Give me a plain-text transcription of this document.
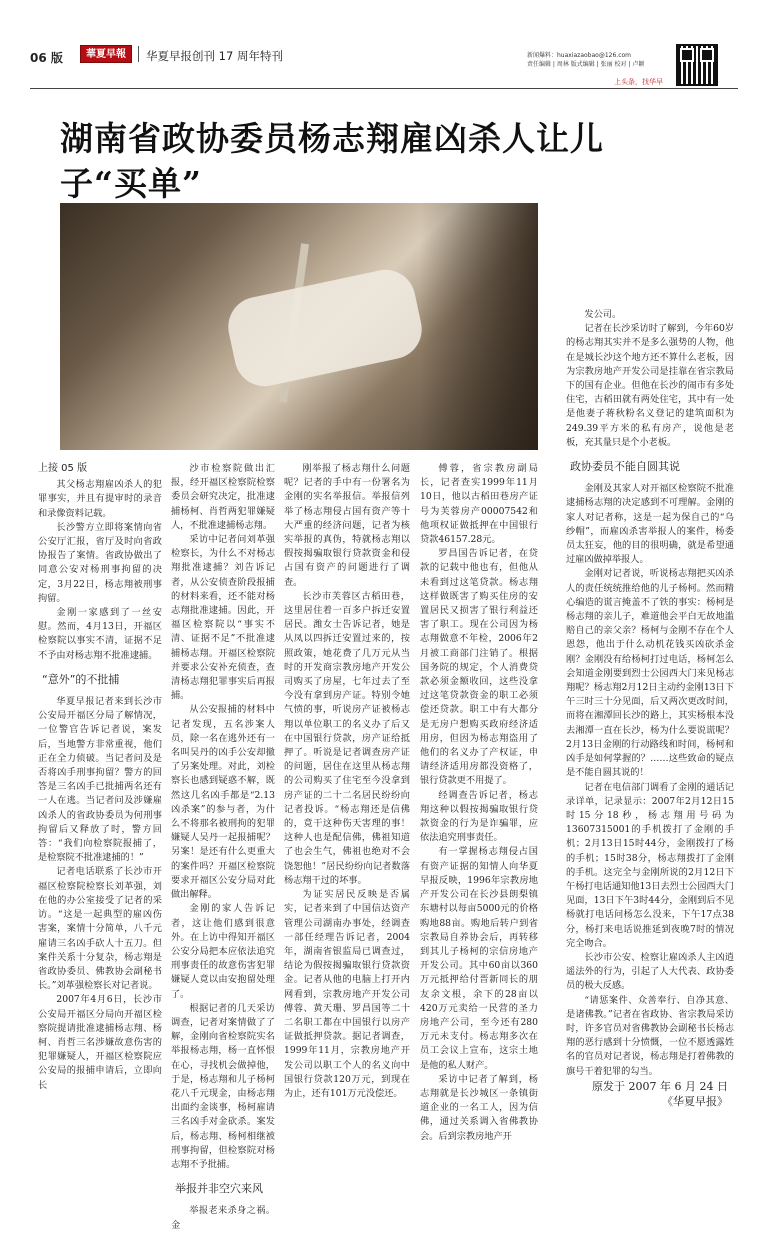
06 版	華夏早報	华夏早报创刊 17 周年特刊	新闻爆料：huaxiazaobao@126.com
责任编辑 | 周林 版式编辑 | 张丽 校对 | 卢颖
上头条，找华早
湖南省政协委员杨志翔雇凶杀人让儿子“买单”
上接 05 版

其父杨志翔雇凶杀人的犯罪事实，并且有提审时的录音和录像资料记载。

长沙警方立即将案情向省公安厅汇报，省厅及时向省政协报告了案情。省政协做出了同意公安对杨刑事拘留的决定，3月22日，杨志翔被刑事拘留。

金刚一家感到了一丝安慰。然而，4月13日，开福区检察院以事实不清，证据不足不予由对杨志翔不批准逮捕。

“意外”的不批捕

华夏早报记者来到长沙市公安局开福区分局了解情况，一位警官告诉记者说，案发后，当地警方非常重视，他们正在全力侦破。当记者问及是否将凶手刑事拘留？警方的回答是三名凶手已批捕两名还有一人在逃。当记者问及涉嫌雇凶杀人的省政协委员为何刑事拘留后又释放了时，警方回答：“我们向检察院报捕了，是检察院不批准逮捕的！”

记者电话联系了长沙市开福区检察院检察长刘革强，刘在他的办公室接受了记者的采访。“这是一起典型的雇凶伤害案，案情十分简单，八千元雇请三名凶手砍人十五刀。但案件关系十分复杂，杨志翔是省政协委员、佛教协会副秘书长。”刘革强检察长对记者说。

2007年4月6日，长沙市公安局开福区分局向开福区检察院提请批准逮捕杨志翔、杨柯、肖哲三名涉嫌故意伤害的犯罪嫌疑人，开福区检察院应公安局的报捕申请后，立即向长

沙市检察院做出汇报，经开福区检察院检察委员会研究决定，批准逮捕杨柯、肖哲两犯罪嫌疑人，不批准逮捕杨志翔。

采访中记者问刘革强检察长，为什么不对杨志翔批准逮捕？刘告诉记者，从公安侦查阶段报捕的材料来看，还不能对杨志翔批准逮捕。因此，开福区检察院以“事实不清、证据不足”不批准逮捕杨志翔。开福区检察院并要求公安补充侦查，查清杨志翔犯罪事实后再报捕。

从公安报捕的材料中记者发现，五名涉案人员，除一名在逃外还有一名叫吴丹的凶手公安却撤了另案处理。对此，刘检察长也感到疑惑不解，既然这几名凶手都是“2.13凶杀案”的参与者，为什么不将那名被刑拘的犯罪嫌疑人吴丹一起报捕呢？另案！是还有什么更重大的案件吗？开福区检察院要求开福区公安分局对此做出解释。

金刚的家人告诉记者，这让他们感到很意外。在上访中得知开福区公安分局把本应依法追究刑事责任的故意伤害犯罪嫌疑人竟以由安抱留处理了。

根据记者的几天采访调查，记者对案情做了了解，金刚向省检察院实名举报杨志翔，杨一直怀恨在心，寻找机会做掉他，于是，杨志翔和儿子杨柯花八千元现金，由杨志翔出面约金谈事，杨柯雇请三名凶手对金砍杀。案发后，杨志翔、杨柯相继被刑事拘留，但检察院对杨志翔不予批捕。

举报并非空穴来风

举报老来杀身之祸。金

刚举报了杨志翔什么问题呢？记者的手中有一份署名为金刚的实名举报信。举报信列举了杨志翔侵占国有资产等十大严重的经济问题，记者为核实举报的真伪，特就杨志翔以假按揭骗取银行贷款资金和侵占国有资产的问题进行了调查。

长沙市芙蓉区古稻田巷，这里居住着一百多户拆迁安置居民。潍女士告诉记者，她是从凤以四拆迁安置过来的，按照政策，她花费了几万元从当时的开发商宗教房地产开发公司购买了房屋，七年过去了至今没有拿到房产证。特别令她气愤的事，听说房产证被杨志翔以单位职工的名义办了后又在中国银行贷款，房产证给抵押了。听说是记者调查房产证的问题，居住在这里从杨志翔的公司购买了住宅至今没拿到房产证的二十二名居民纷纷向记者投诉。“杨志翔还是信佛的，竟干这种伤天害理的事！这种人也是配信佛，佛祖知道了也会生气，佛祖也绝对不会饶恕他！”居民纷纷向记者数落杨志翔干过的坏事。

为证实居民反映是否属实，记者来到了中国信达资产管理公司湖南办事处，经调查一部任经理告诉记者，2004年，湖南省银监局已调查过，结论为假按揭骗取银行贷款资金。记者从他的电脑上打开内网看到，宗教房地产开发公司傅蓉、黄天珊、罗昌国等二十二名职工都在中国银行以房产证做抵押贷款。据记者调查，1999年11月，宗教房地产开发公司以职工个人的名义向中国银行贷款120万元，到现在为止，还有101万元没偿还。

傅蓉，省宗教房副局长，记者查实1999年11月10日，他以古稻田巷房产证号为芙蓉房产00007542和他项权证做抵押在中国银行贷款46157.28元。

罗昌国告诉记者，在贷款的记载中他也有，但他从未看到过这笔贷款。杨志翔这样做既害了购买住房的安置居民又损害了银行利益还害了职工。现在公司因为杨志翔做意不年检，2006年2月被工商部门注销了。根据国务院的规定，个人消费贷款必须金额收回，这些没拿过这笔贷款资金的职工必须偿还贷款。职工中有大都分是无房户想购买政府经济适用房，但因为杨志翔盗用了他们的名义办了产权证，申请经济适用房都没资格了，银行贷款更不用提了。

经调查告诉记者，杨志翔这种以假按揭骗取银行贷款资金的行为是诈骗罪，应依法追究刑事责任。

有一掌握杨志翔侵占国有资产证据的知情人向华夏早报反映，1996年宗教房地产开发公司在长沙县朗梨镇东塘村以每亩5000元的价格购地88亩。购地后转户到省宗教局自养协会后，再转移到其儿子杨柯的宗信房地产开发公司。其中60亩以360万元抵押给付晋新同长的朋友余文根，余下的28亩以420万元卖给一民营的圣力房地产公司，至今还有280万元未支付。杨志翔多次在员工会议上宣布，这宗土地是他的私人财产。

采访中记者了解到，杨志翔就是长沙城区一条镇街道企业的一名工人，因为信佛，通过关系调入省佛教协会。后到宗教房地产开

发公司。

记者在长沙采访时了解到，今年60岁的杨志翔其实并不是多么强势的人物，他在是城长沙这个地方还不算什么老板，因为宗教房地产开发公司是挂靠在省宗教局下的国有企业。但他在长沙的闹市有多处住宅，古稻田就有两处住宅，其中有一处是他妻子蒋秋粉名义登记的建筑面积为249.39平方米的私有房产，说他是老板，充其量只是个小老板。

政协委员不能自圆其说

金刚及其家人对开福区检察院不批准逮捕杨志翔的决定感到不可理解。金刚的家人对记者称，这是一起为保自己的“乌纱帽”，而雇凶杀害举报人的案件，杨委员太狂妄，他的目的很明确，就是希望通过雇凶做掉举报人。

金刚对记者说，听说杨志翔把买凶杀人的责任统统推给他的儿子杨柯。然而精心编造的谎言掩盖不了铁的事实：杨柯是杨志翔的亲儿子，难道他会平白无故地滥赔自己的亲父亲？杨柯与金刚不存在个人恩怨，他出于什么动机花钱买凶砍杀金刚？金刚没有给杨柯打过电话，杨柯怎么会知道金刚要到烈士公园西大门来见杨志翔呢？杨志翔2月12日主动约金刚13日下午三时三十分见面，后又两次更改时间，而将在湘潭回长沙的路上，其实杨根本没去湘潭一直在长沙，杨为什么要说谎呢？2月13日金刚的行动路线和时间，杨柯和凶手是如何掌握的？……这些致命的疑点是不能自圆其说的！

记者在电信部门调看了金刚的通话记录详单，记录显示：2007年2月12日15时15分18秒，杨志翔用号码为13607315001的手机拨打了金刚的手机；2月13日15时44分，金刚拨打了杨的手机；15时38分，杨志翔拨打了金刚的手机。这完全与金刚所说的2月12日下午杨打电话通知他13日去烈士公园西大门见面，13日下午3时44分，金刚到后不见杨就打电话问杨怎么没来，下午17点38分，杨打来电话说推延到夜晚7时的情况完全吻合。

长沙市公安、检察让雇凶杀人主凶逍遥法外的行为，引起了人大代表、政协委员的极大反感。

“请惩案件、众善奉行、自净其意、是诸佛教。”记者在省政协、省宗教局采访时，许多官员对省佛教协会副秘书长杨志翔的恶行感到十分愤慨，一位不愿透露姓名的官员对记者说，杨志翔是打着佛教的旗号干着犯罪的勾当。

原发于 2007 年 6 月 24 日
《华夏早报》
